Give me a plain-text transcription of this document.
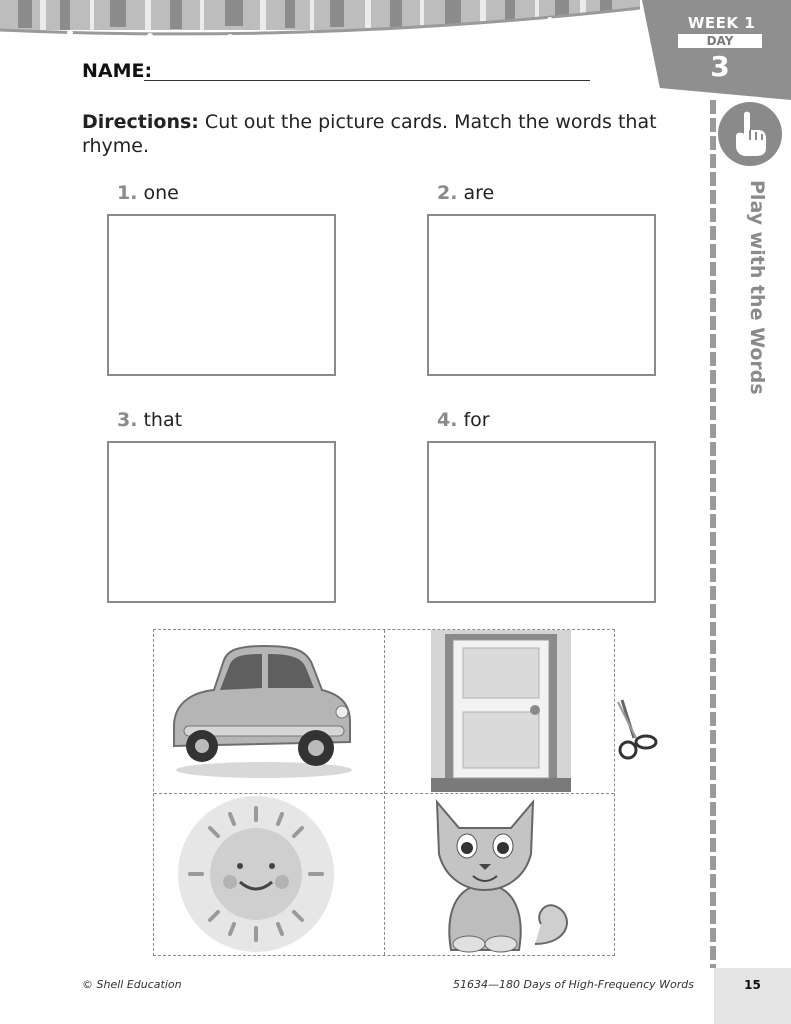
WEEK 1
DAY
3
Play with the Words
NAME:
Directions: Cut out the picture cards. Match the words that rhyme.
1. one	2. are
3. that	4. for
© Shell Education	51634—180 Days of High-Frequency Words	15
